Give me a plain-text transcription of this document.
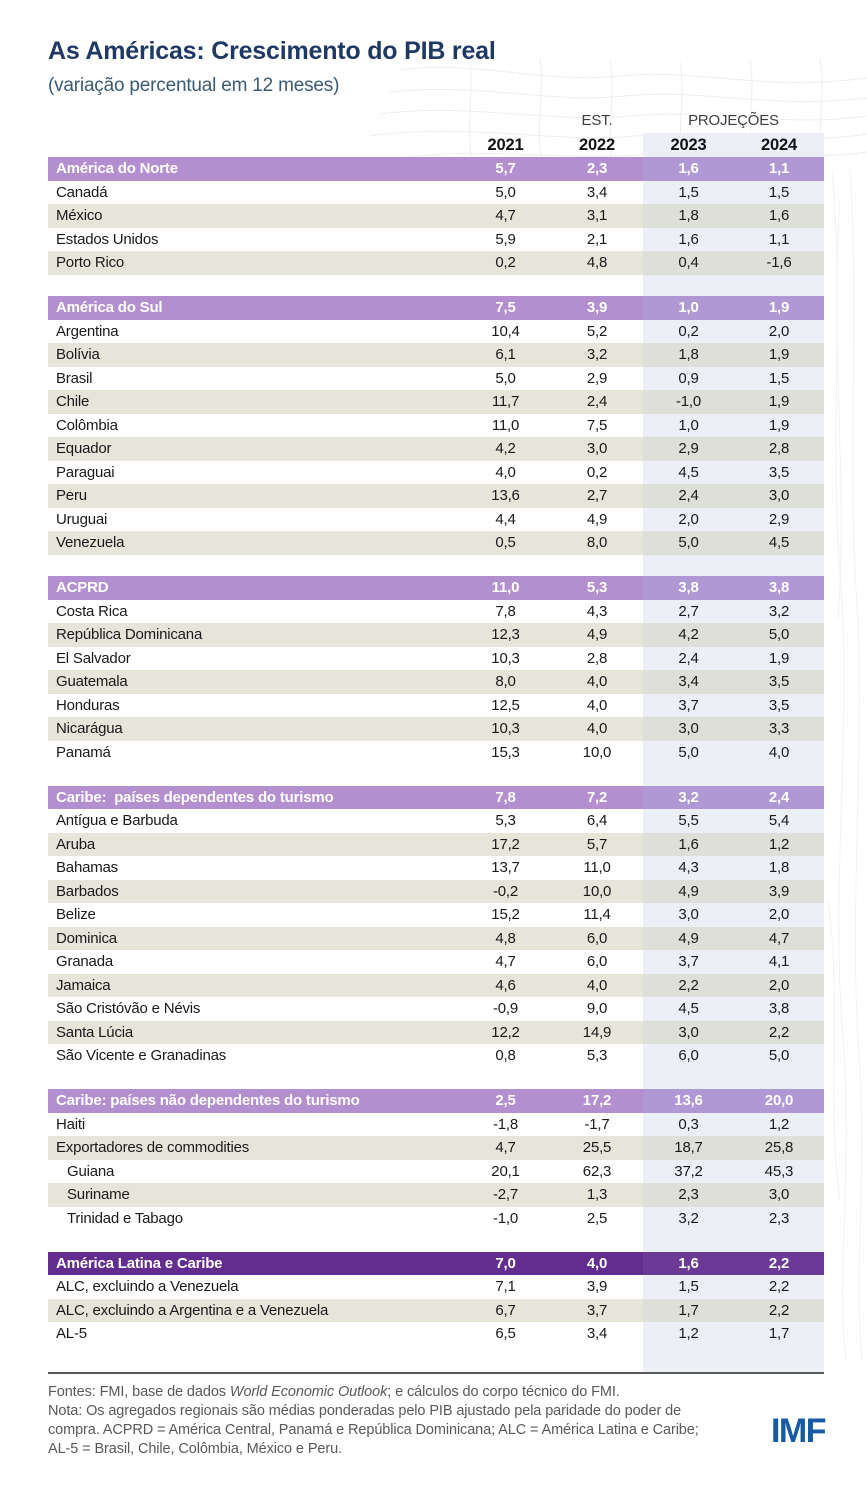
As Américas: Crescimento do PIB real
(variação percentual em 12 meses)
EST.	PROJEÇÕES
2021	2022	2023	2024
América do Norte	5,7	2,3	1,6	1,1
Canadá	5,0	3,4	1,5	1,5
México	4,7	3,1	1,8	1,6
Estados Unidos	5,9	2,1	1,6	1,1
Porto Rico	0,2	4,8	0,4	-1,6
América do Sul	7,5	3,9	1,0	1,9
Argentina	10,4	5,2	0,2	2,0
Bolívia	6,1	3,2	1,8	1,9
Brasil	5,0	2,9	0,9	1,5
Chile	11,7	2,4	-1,0	1,9
Colômbia	11,0	7,5	1,0	1,9
Equador	4,2	3,0	2,9	2,8
Paraguai	4,0	0,2	4,5	3,5
Peru	13,6	2,7	2,4	3,0
Uruguai	4,4	4,9	2,0	2,9
Venezuela	0,5	8,0	5,0	4,5
ACPRD	11,0	5,3	3,8	3,8
Costa Rica	7,8	4,3	2,7	3,2
República Dominicana	12,3	4,9	4,2	5,0
El Salvador	10,3	2,8	2,4	1,9
Guatemala	8,0	4,0	3,4	3,5
Honduras	12,5	4,0	3,7	3,5
Nicarágua	10,3	4,0	3,0	3,3
Panamá	15,3	10,0	5,0	4,0
Caribe:  países dependentes do turismo	7,8	7,2	3,2	2,4
Antígua e Barbuda	5,3	6,4	5,5	5,4
Aruba	17,2	5,7	1,6	1,2
Bahamas	13,7	11,0	4,3	1,8
Barbados	-0,2	10,0	4,9	3,9
Belize	15,2	11,4	3,0	2,0
Dominica	4,8	6,0	4,9	4,7
Granada	4,7	6,0	3,7	4,1
Jamaica	4,6	4,0	2,2	2,0
São Cristóvão e Névis	-0,9	9,0	4,5	3,8
Santa Lúcia	12,2	14,9	3,0	2,2
São Vicente e Granadinas	0,8	5,3	6,0	5,0
Caribe: países não dependentes do turismo	2,5	17,2	13,6	20,0
Haiti	-1,8	-1,7	0,3	1,2
Exportadores de commodities	4,7	25,5	18,7	25,8
Guiana	20,1	62,3	37,2	45,3
Suriname	-2,7	1,3	2,3	3,0
Trinidad e Tabago	-1,0	2,5	3,2	2,3
América Latina e Caribe	7,0	4,0	1,6	2,2
ALC, excluindo a Venezuela	7,1	3,9	1,5	2,2
ALC, excluindo a Argentina e a Venezuela	6,7	3,7	1,7	2,2
AL-5	6,5	3,4	1,2	1,7
Fontes: FMI, base de dados World Economic Outlook; e cálculos do corpo técnico do FMI.
Nota: Os agregados regionais são médias ponderadas pelo PIB ajustado pela paridade do poder de compra. ACPRD = América Central, Panamá e República Dominicana; ALC = América Latina e Caribe; AL-5 = Brasil, Chile, Colômbia, México e Peru.	IMF
